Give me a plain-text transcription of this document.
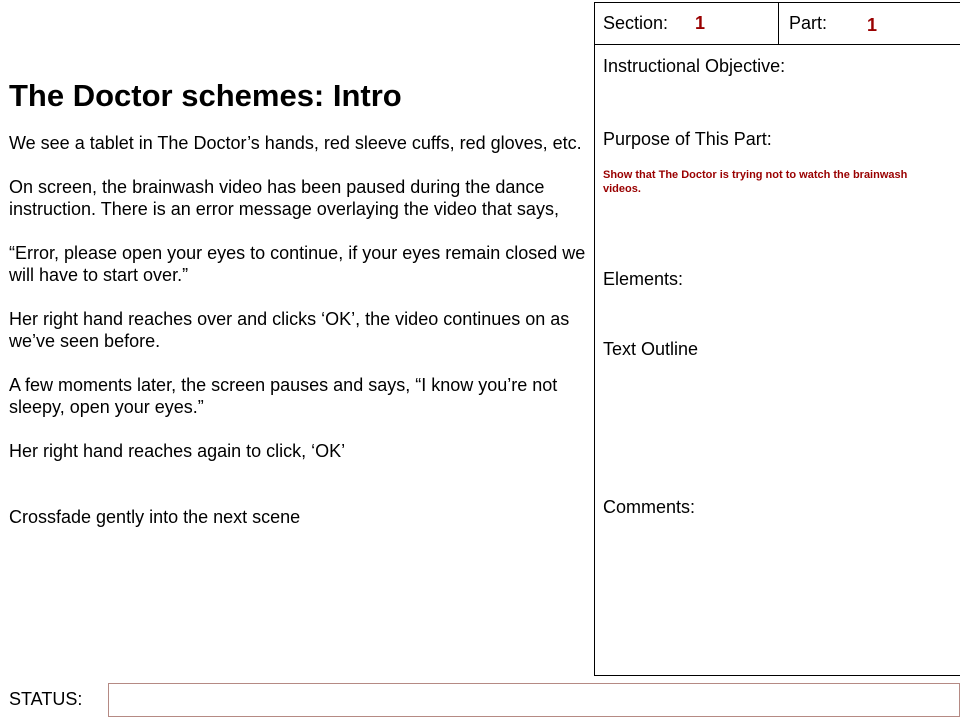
The Doctor schemes: Intro

We see a tablet in The Doctor’s hands, red sleeve cuffs, red gloves, etc.

On screen, the brainwash video has been paused during the dance instruction. There is an error message overlaying the video that says,

“Error, please open your eyes to continue, if your eyes remain closed we will have to start over.”

Her right hand reaches over and clicks ‘OK’, the video continues on as we’ve seen before.

A few moments later, the screen pauses and says, “I know you’re not sleepy, open your eyes.”

Her right hand reaches again to click, ‘OK’

Crossfade gently into the next scene

Section: 1	Part: 1
Instructional Objective:
Purpose of This Part:
Show that The Doctor is trying not to watch the brainwash videos.
Elements:
Text Outline
Comments:
STATUS:
